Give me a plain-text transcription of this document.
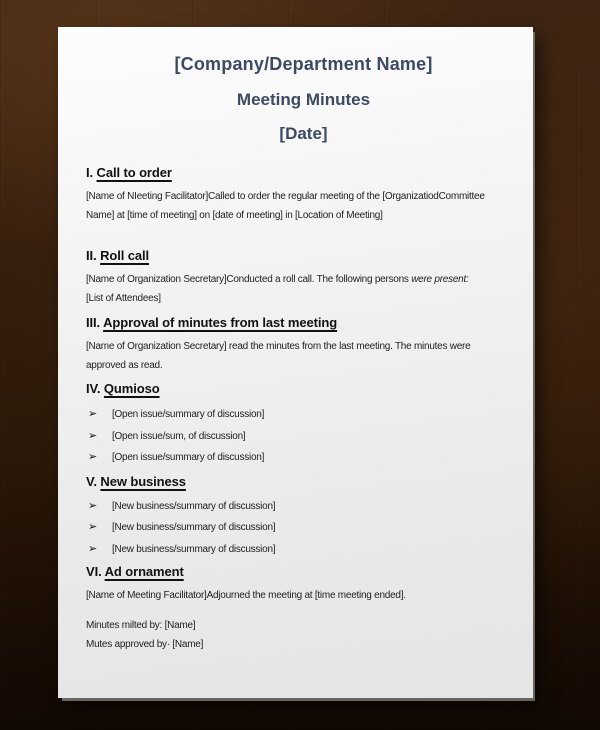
[Company/Department Name]
Meeting Minutes
[Date]
I. Call to order
[Name of NIeeting Facilitator]Called to order the regular meeting of the [OrganizatiodCommittee
Name] at [time of meeting] on [date of meeting] in [Location of Meeting]
II. Roll call
[Name of Organization Secretary]Conducted a roll call. The following persons were present:
[List of Attendees]
III. Approval of minutes from last meeting
[Name of Organization Secretary] read the minutes from the last meeting. The minutes were
approved as read.
IV. Qumioso
➢	[Open issue/summary of discussion]
➢	[Open issue/sum, of discussion]
➢	[Open issue/summary of discussion]
V. New business
➢	[New business/summary of discussion]
➢	[New business/summary of discussion]
➢	[New business/summary of discussion]
VI. Ad ornament
[Name of Meeting Facilitator]Adjourned the meeting at [time meeting ended].
Minutes milted by: [Name]
Mutes approved by· [Name]
